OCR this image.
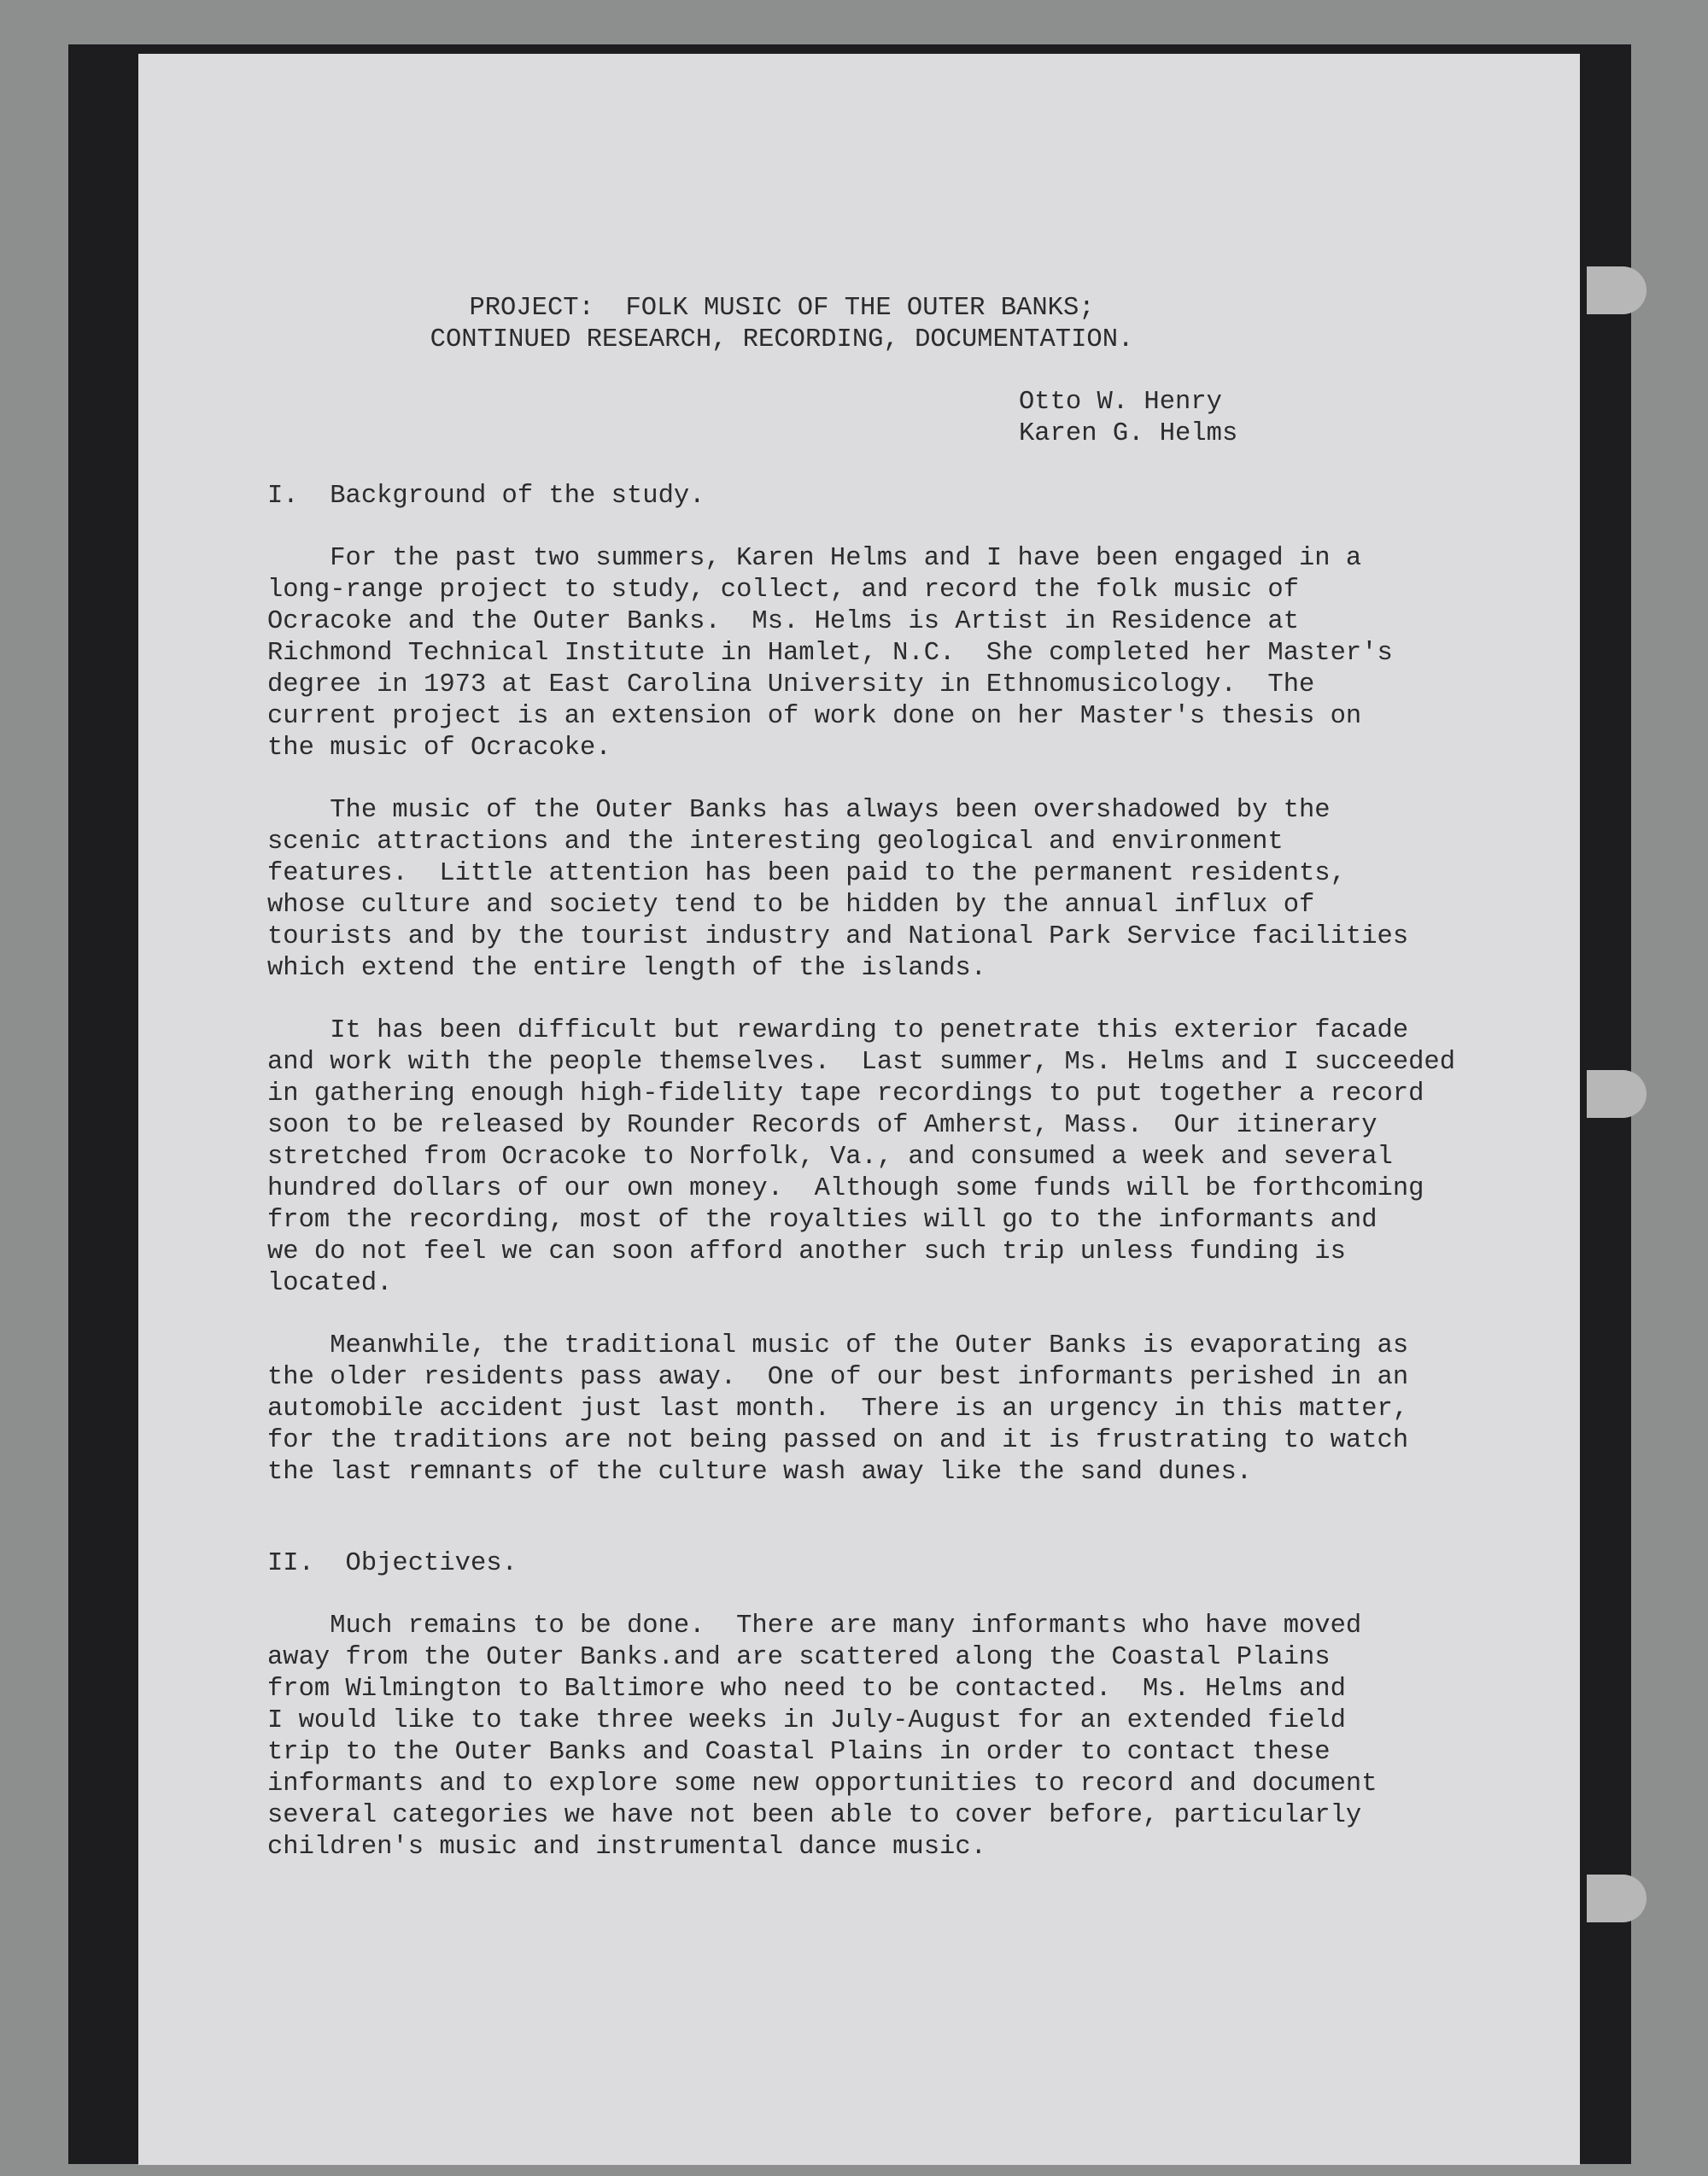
PROJECT:  FOLK MUSIC OF THE OUTER BANKS;
CONTINUED RESEARCH, RECORDING, DOCUMENTATION.
Otto W. Henry
Karen G. Helms
I.  Background of the study.
For the past two summers, Karen Helms and I have been engaged in a
long-range project to study, collect, and record the folk music of
Ocracoke and the Outer Banks.  Ms. Helms is Artist in Residence at
Richmond Technical Institute in Hamlet, N.C.  She completed her Master's
degree in 1973 at East Carolina University in Ethnomusicology.  The
current project is an extension of work done on her Master's thesis on
the music of Ocracoke.
The music of the Outer Banks has always been overshadowed by the
scenic attractions and the interesting geological and environment
features.  Little attention has been paid to the permanent residents,
whose culture and society tend to be hidden by the annual influx of
tourists and by the tourist industry and National Park Service facilities
which extend the entire length of the islands.
It has been difficult but rewarding to penetrate this exterior facade
and work with the people themselves.  Last summer, Ms. Helms and I succeeded
in gathering enough high-fidelity tape recordings to put together a record
soon to be released by Rounder Records of Amherst, Mass.  Our itinerary
stretched from Ocracoke to Norfolk, Va., and consumed a week and several
hundred dollars of our own money.  Although some funds will be forthcoming
from the recording, most of the royalties will go to the informants and
we do not feel we can soon afford another such trip unless funding is
located.
Meanwhile, the traditional music of the Outer Banks is evaporating as
the older residents pass away.  One of our best informants perished in an
automobile accident just last month.  There is an urgency in this matter,
for the traditions are not being passed on and it is frustrating to watch
the last remnants of the culture wash away like the sand dunes.
II.  Objectives.
Much remains to be done.  There are many informants who have moved
away from the Outer Banks.and are scattered along the Coastal Plains
from Wilmington to Baltimore who need to be contacted.  Ms. Helms and
I would like to take three weeks in July-August for an extended field
trip to the Outer Banks and Coastal Plains in order to contact these
informants and to explore some new opportunities to record and document
several categories we have not been able to cover before, particularly
children's music and instrumental dance music.
